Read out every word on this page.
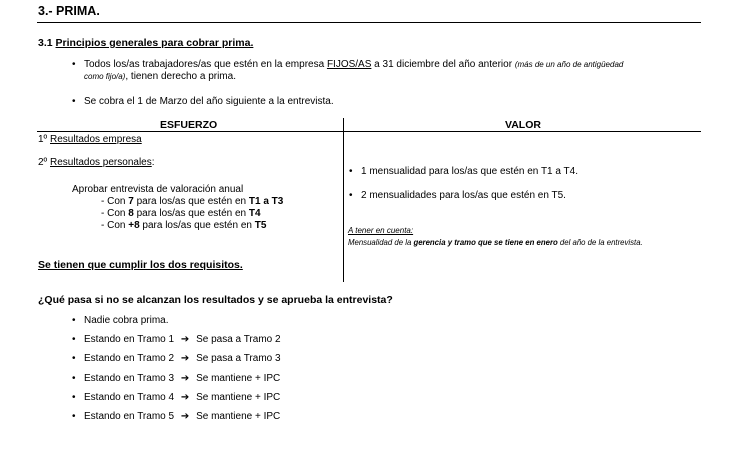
3.- PRIMA.
3.1 Principios generales para cobrar prima.
• Todos los/as trabajadores/as que estén en la empresa FIJOS/AS a 31 diciembre del año anterior (más de un año de antigüedad
como fijo/a), tienen derecho a prima.
• Se cobra el 1 de Marzo del año siguiente a la entrevista.
ESFUERZO	VALOR
1º Resultados empresa
2º Resultados personales:
Aprobar entrevista de valoración anual
- Con 7 para los/as que estén en T1 a T3
- Con 8 para los/as que estén en T4
- Con +8 para los/as que estén en T5
Se tienen que cumplir los dos requisitos.
• 1 mensualidad para los/as que estén en T1 a T4.
• 2 mensualidades para los/as que estén en T5.
A tener en cuenta:
Mensualidad de la gerencia y tramo que se tiene en enero del año de la entrevista.
¿Qué pasa si no se alcanzan los resultados y se aprueba la entrevista?
• Nadie cobra prima.
• Estando en Tramo 1 ➔ Se pasa a Tramo 2
• Estando en Tramo 2 ➔ Se pasa a Tramo 3
• Estando en Tramo 3 ➔ Se mantiene + IPC
• Estando en Tramo 4 ➔ Se mantiene + IPC
• Estando en Tramo 5 ➔ Se mantiene + IPC
